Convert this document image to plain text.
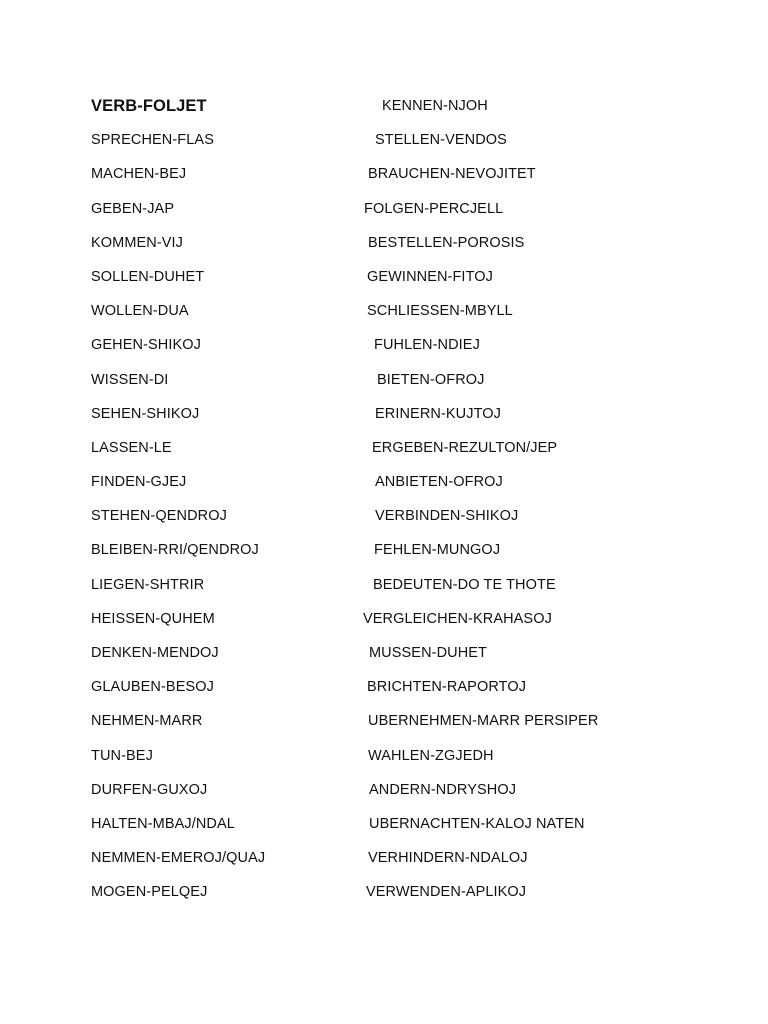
VERB-FOLJET
SPRECHEN-FLAS
MACHEN-BEJ
GEBEN-JAP
KOMMEN-VIJ
SOLLEN-DUHET
WOLLEN-DUA
GEHEN-SHIKOJ
WISSEN-DI
SEHEN-SHIKOJ
LASSEN-LE
FINDEN-GJEJ
STEHEN-QENDROJ
BLEIBEN-RRI/QENDROJ
LIEGEN-SHTRIR
HEISSEN-QUHEM
DENKEN-MENDOJ
GLAUBEN-BESOJ
NEHMEN-MARR
TUN-BEJ
DURFEN-GUXOJ
HALTEN-MBAJ/NDAL
NEMMEN-EMEROJ/QUAJ
MOGEN-PELQEJ
KENNEN-NJOH
STELLEN-VENDOS
BRAUCHEN-NEVOJITET
FOLGEN-PERCJELL
BESTELLEN-POROSIS
GEWINNEN-FITOJ
SCHLIESSEN-MBYLL
FUHLEN-NDIEJ
BIETEN-OFROJ
ERINERN-KUJTOJ
ERGEBEN-REZULTON/JEP
ANBIETEN-OFROJ
VERBINDEN-SHIKOJ
FEHLEN-MUNGOJ
BEDEUTEN-DO TE THOTE
VERGLEICHEN-KRAHASOJ
MUSSEN-DUHET
BRICHTEN-RAPORTOJ
UBERNEHMEN-MARR PERSIPER
WAHLEN-ZGJEDH
ANDERN-NDRYSHOJ
UBERNACHTEN-KALOJ NATEN
VERHINDERN-NDALOJ
VERWENDEN-APLIKOJ
